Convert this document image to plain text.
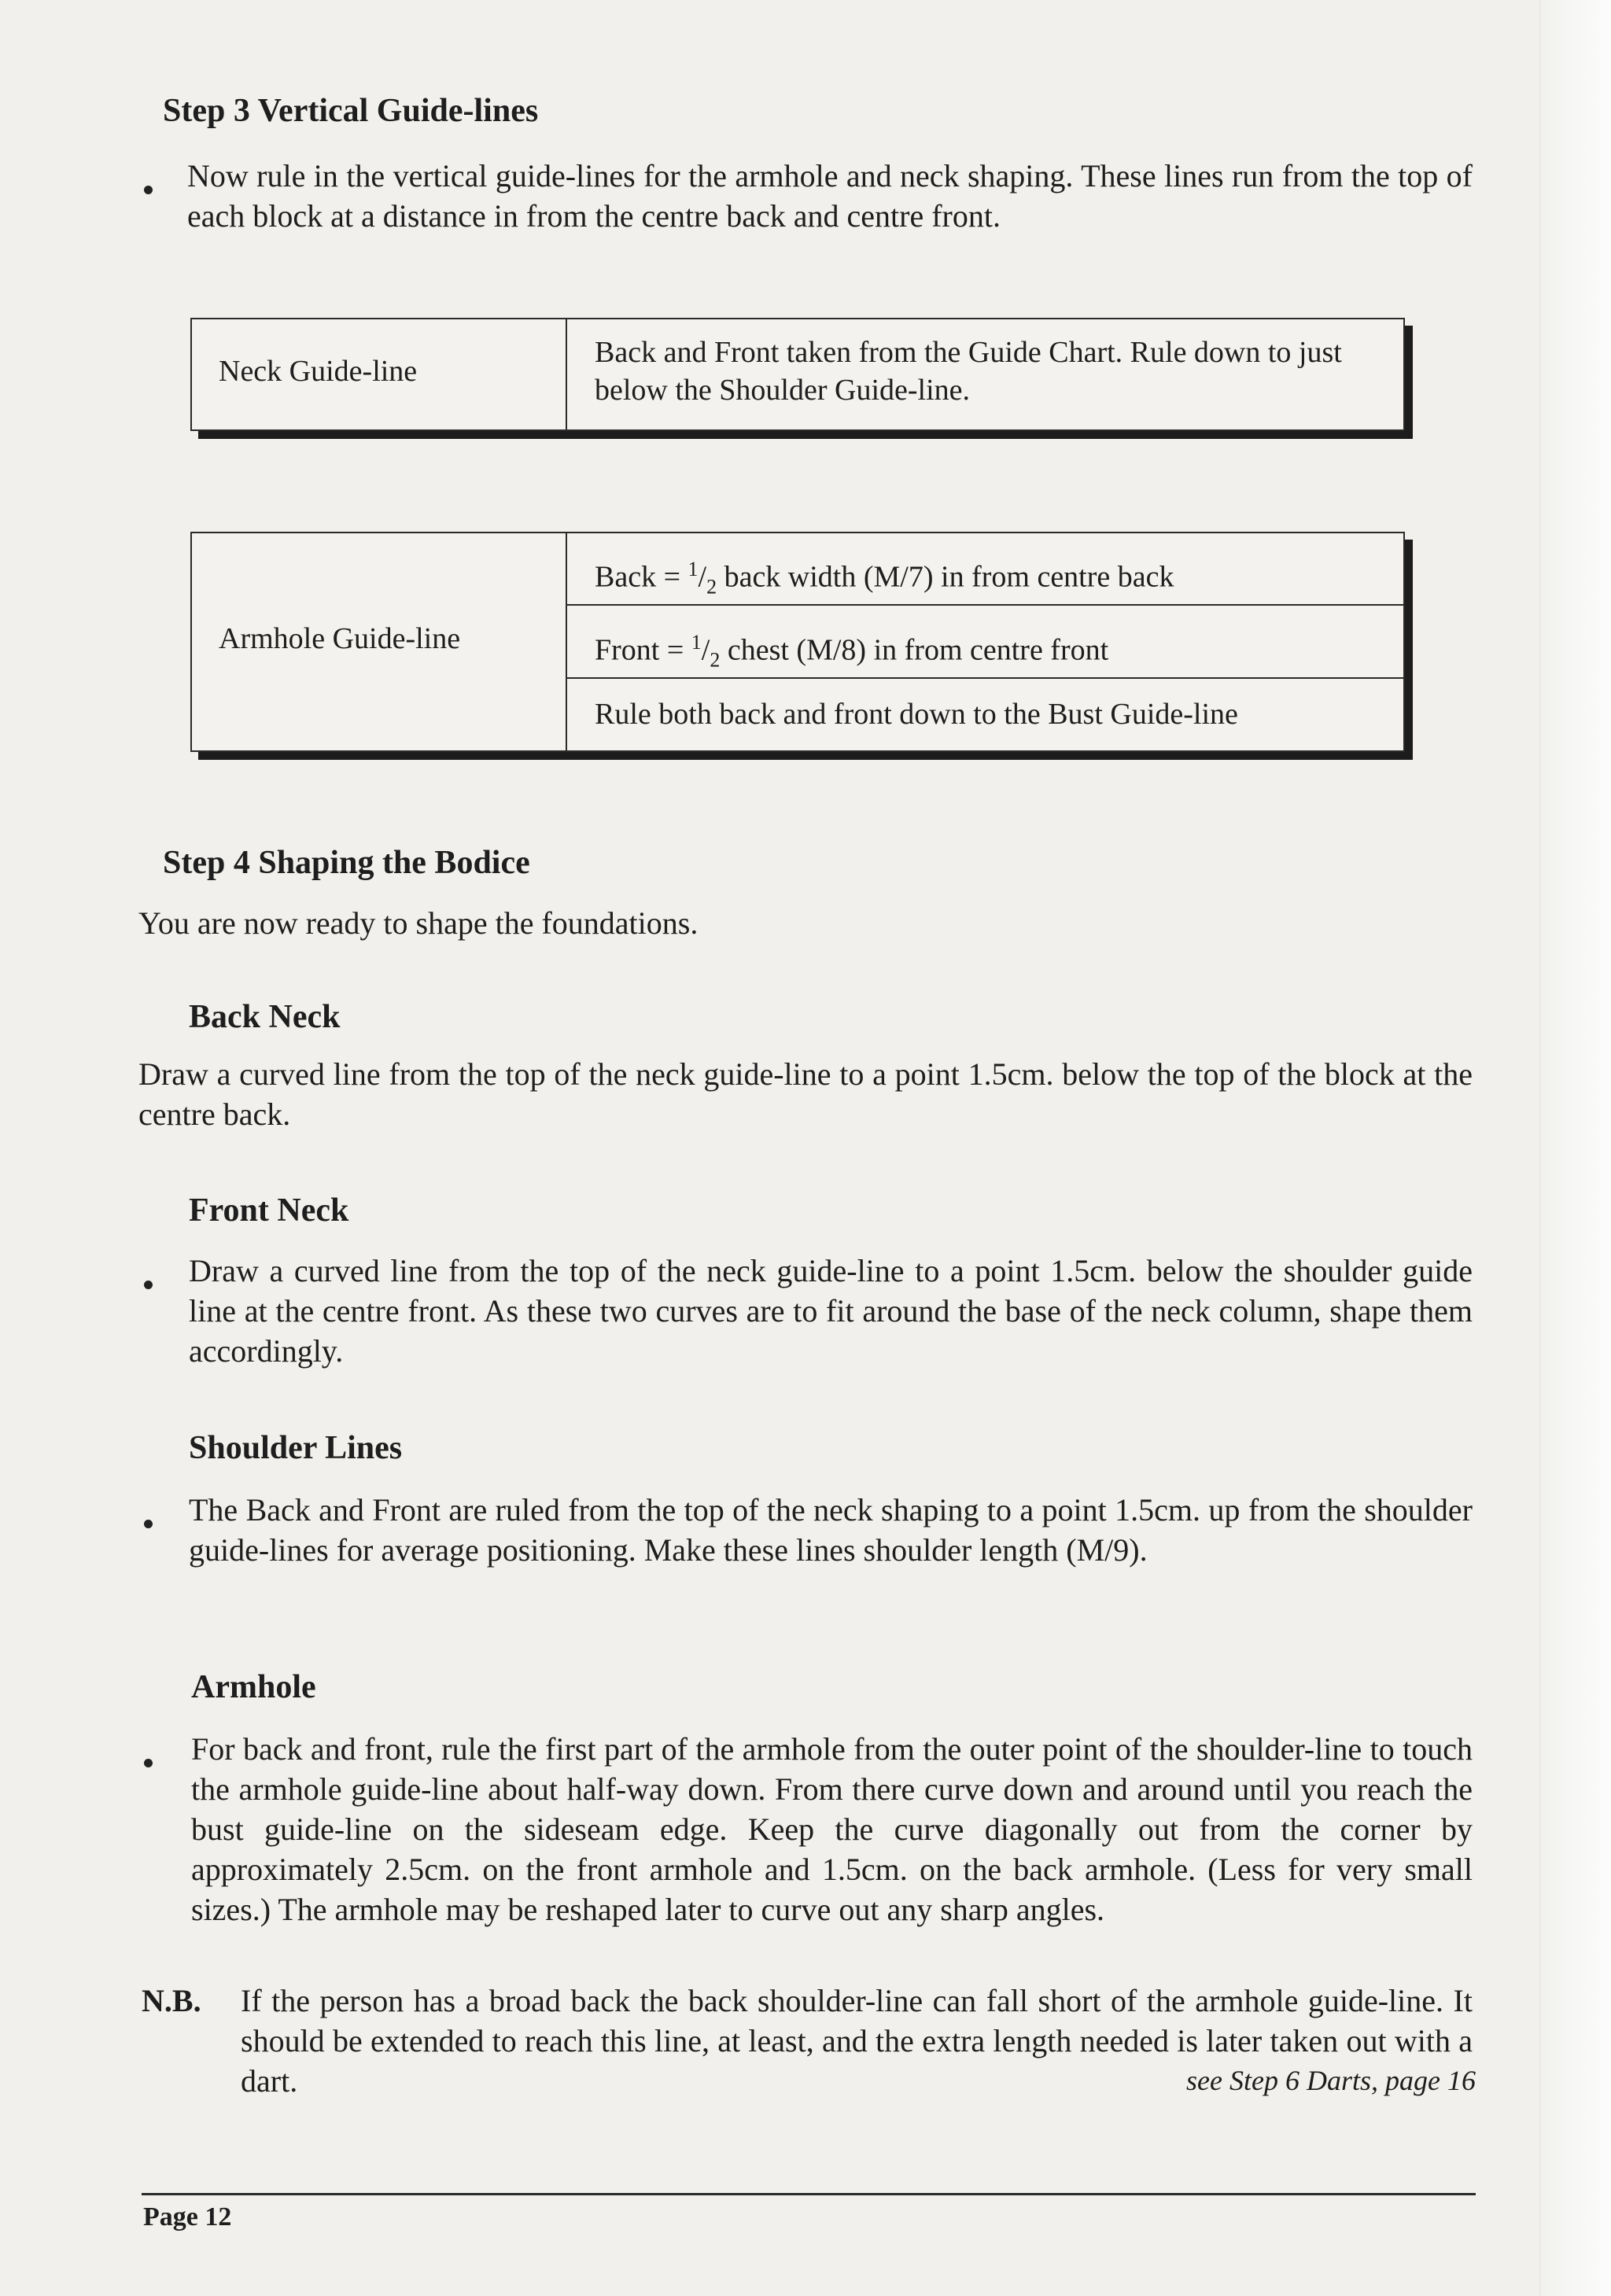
Step 3 Vertical Guide-lines
Now rule in the vertical guide-lines for the armhole and neck shaping. These lines run from the top of each block at a distance in from the centre back and centre front.
Neck Guide-line
Back and Front taken from the Guide Chart. Rule down to just below the Shoulder Guide-line.
Armhole Guide-line
Back = $^1/_2$ back width (M/7) in from centre back
Front = $^1/_2$ chest (M/8) in from centre front
Rule both back and front down to the Bust Guide-line
Step 4 Shaping the Bodice
You are now ready to shape the foundations.
Back Neck
Draw a curved line from the top of the neck guide-line to a point 1.5cm. below the top of the block at the centre back.
Front Neck
Draw a curved line from the top of the neck guide-line to a point 1.5cm. below the shoulder guide line at the centre front. As these two curves are to fit around the base of the neck column, shape them accordingly.
Shoulder Lines
The Back and Front are ruled from the top of the neck shaping to a point 1.5cm. up from the shoulder guide-lines for average positioning. Make these lines shoulder length (M/9).
Armhole
For back and front, rule the first part of the armhole from the outer point of the shoulder-line to touch the armhole guide-line about half-way down. From there curve down and around until you reach the bust guide-line on the sideseam edge. Keep the curve diagonally out from the corner by approximately 2.5cm. on the front armhole and 1.5cm. on the back armhole. (Less for very small sizes.) The armhole may be reshaped later to curve out any sharp angles.
N.B. If the person has a broad back the back shoulder-line can fall short of the armhole guide-line. It should be extended to reach this line, at least, and the extra length needed is later taken out with a dart.	see Step 6 Darts, page 16
Page 12
